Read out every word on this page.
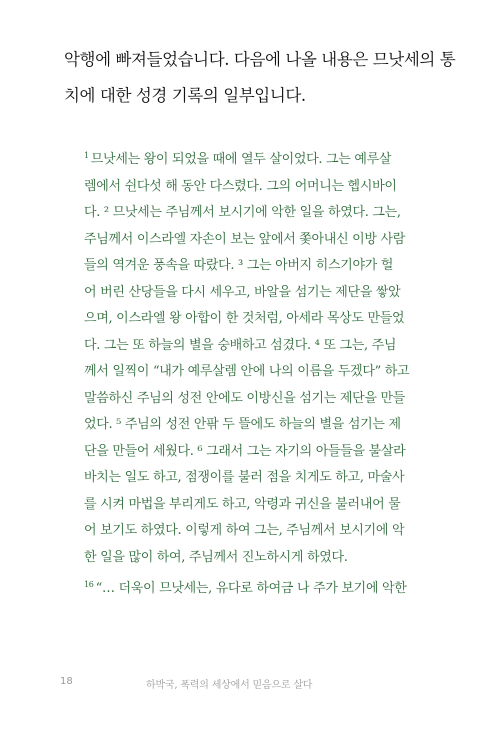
악행에 빠져들었습니다. 다음에 나올 내용은 므낫세의 통
치에 대한 성경 기록의 일부입니다.
$^1$ 므낫세는 왕이 되었을 때에 열두 살이었다. 그는 예루살
렘에서 쉰다섯 해 동안 다스렸다. 그의 어머니는 헵시바이
다. ² 므낫세는 주님께서 보시기에 악한 일을 하였다. 그는,
주님께서 이스라엘 자손이 보는 앞에서 쫓아내신 이방 사람
들의 역겨운 풍속을 따랐다. ³ 그는 아버지 히스기야가 헐
어 버린 산당들을 다시 세우고, 바알을 섬기는 제단을 쌓았
으며, 이스라엘 왕 아합이 한 것처럼, 아세라 목상도 만들었
다. 그는 또 하늘의 별을 숭배하고 섬겼다. ⁴ 또 그는, 주님
께서 일찍이 “내가 예루살렘 안에 나의 이름을 두겠다” 하고
말씀하신 주님의 성전 안에도 이방신을 섬기는 제단을 만들
었다. ⁵ 주님의 성전 안팎 두 뜰에도 하늘의 별을 섬기는 제
단을 만들어 세웠다. ⁶ 그래서 그는 자기의 아들들을 불살라
바치는 일도 하고, 점쟁이를 불러 점을 치게도 하고, 마술사
를 시켜 마법을 부리게도 하고, 악령과 귀신을 불러내어 물
어 보기도 하였다. 이렇게 하여 그는, 주님께서 보시기에 악
한 일을 많이 하여, 주님께서 진노하시게 하였다.
$^{16}$ “… 더욱이 므낫세는, 유다로 하여금 나 주가 보기에 악한
18	하박국, 폭력의 세상에서 믿음으로 살다
